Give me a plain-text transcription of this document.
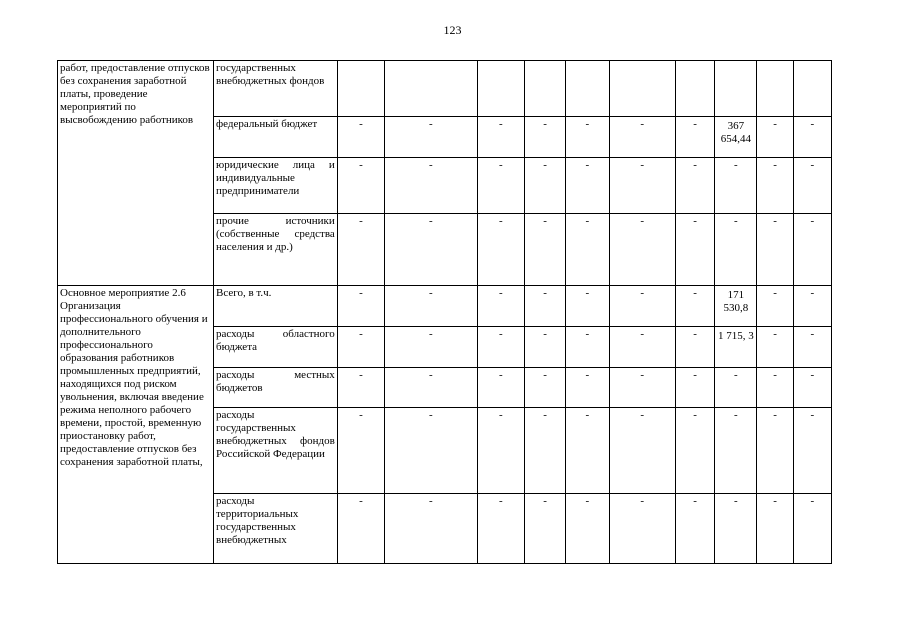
123
работ, предоставление отпусков без сохранения заработной платы, проведение мероприятий по высвобождению работников	государственных внебюджетных фондов										
	федеральный бюджет	-	-	-	-	-	-	-	367 654,44	-	-
	юридические лица и индивидуальные предприниматели	-	-	-	-	-	-	-	-	-	-
	прочие источники (собственные средства населения и др.)	-	-	-	-	-	-	-	-	-	-
Основное мероприятие 2.6 Организация профессионального обучения и дополнительного профессионального образования работников промышленных предприятий, находящихся под риском увольнения, включая введение режима неполного рабочего времени, простой, временную приостановку работ, предоставление отпусков без сохранения заработной платы,	Всего, в т.ч.	-	-	-	-	-	-	-	171 530,8	-	-
	расходы областного бюджета	-	-	-	-	-	-	-	1 715, 3	-	-
	расходы местных бюджетов	-	-	-	-	-	-	-	-	-	-
	расходы государственных внебюджетных фондов Российской Федерации	-	-	-	-	-	-	-	-	-	-
	расходы территориальных государственных внебюджетных	-	-	-	-	-	-	-	-	-	-
